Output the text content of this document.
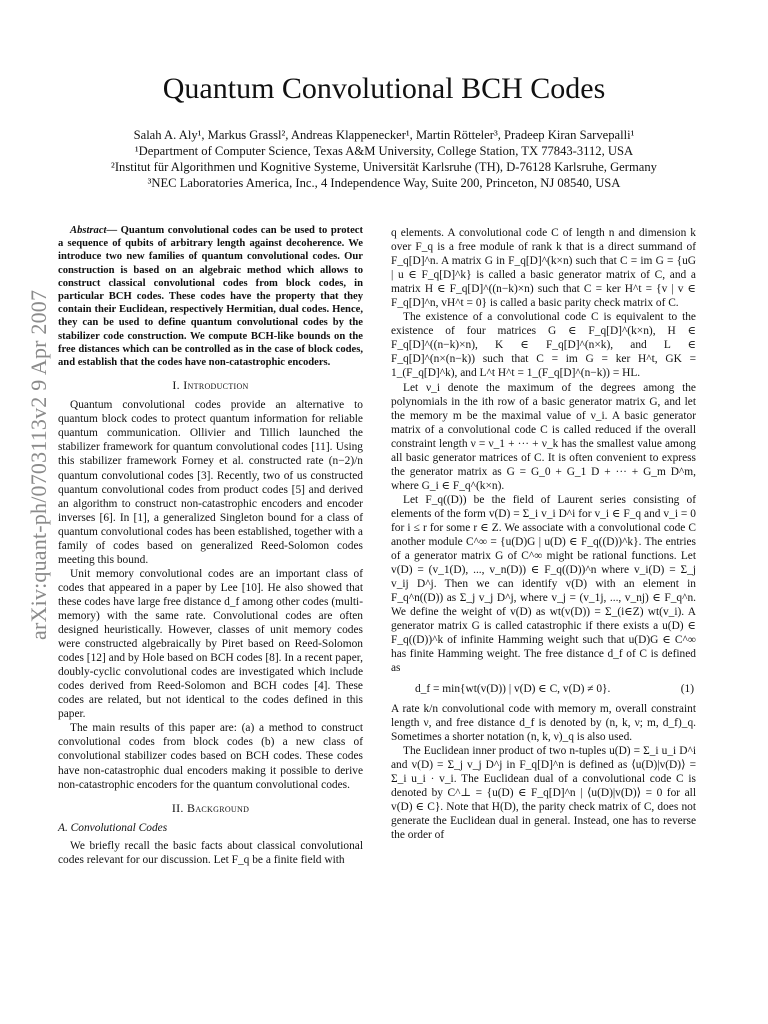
arXiv:quant-ph/0703113v2 9 Apr 2007
Quantum Convolutional BCH Codes
Salah A. Aly¹, Markus Grassl², Andreas Klappenecker¹, Martin Rötteler³, Pradeep Kiran Sarvepalli¹
¹Department of Computer Science, Texas A&M University, College Station, TX 77843-3112, USA
²Institut für Algorithmen und Kognitive Systeme, Universität Karlsruhe (TH), D-76128 Karlsruhe, Germany
³NEC Laboratories America, Inc., 4 Independence Way, Suite 200, Princeton, NJ 08540, USA

Abstract— Quantum convolutional codes can be used to protect a sequence of qubits of arbitrary length against decoherence. We introduce two new families of quantum convolutional codes. Our construction is based on an algebraic method which allows to construct classical convolutional codes from block codes, in particular BCH codes. These codes have the property that they contain their Euclidean, respectively Hermitian, dual codes. Hence, they can be used to define quantum convolutional codes by the stabilizer code construction. We compute BCH-like bounds on the free distances which can be controlled as in the case of block codes, and establish that the codes have non-catastrophic encoders.

I. Introduction

Quantum convolutional codes provide an alternative to quantum block codes to protect quantum information for reliable quantum communication. Ollivier and Tillich launched the stabilizer framework for quantum convolutional codes [11]. Using this stabilizer framework Forney et al. constructed rate (n−2)/n quantum convolutional codes [3]. Recently, two of us constructed quantum convolutional codes from product codes [5] and derived an algorithm to construct non-catastrophic encoders and encoder inverses [6]. In [1], a generalized Singleton bound for a class of quantum convolutional codes has been established, together with a family of codes based on generalized Reed-Solomon codes meeting this bound.

Unit memory convolutional codes are an important class of codes that appeared in a paper by Lee [10]. He also showed that these codes have large free distance d_f among other codes (multi-memory) with the same rate. Convolutional codes are often designed heuristically. However, classes of unit memory codes were constructed algebraically by Piret based on Reed-Solomon codes [12] and by Hole based on BCH codes [8]. In a recent paper, doubly-cyclic convolutional codes are investigated which include codes derived from Reed-Solomon and BCH codes [4]. These codes are related, but not identical to the codes defined in this paper.

The main results of this paper are: (a) a method to construct convolutional codes from block codes (b) a new class of convolutional stabilizer codes based on BCH codes. These codes have non-catastrophic dual encoders making it possible to derive non-catastrophic encoders for the quantum convolutional codes.

II. Background
A. Convolutional Codes

We briefly recall the basic facts about classical convolutional codes relevant for our discussion. Let F_q be a finite field with

q elements. A convolutional code C of length n and dimension k over F_q is a free module of rank k that is a direct summand of F_q[D]^n. A matrix G in F_q[D]^(k×n) such that C = im G = {uG | u ∈ F_q[D]^k} is called a basic generator matrix of C, and a matrix H ∈ F_q[D]^((n−k)×n) such that C = ker H^t = {v | v ∈ F_q[D]^n, vH^t = 0} is called a basic parity check matrix of C.

The existence of a convolutional code C is equivalent to the existence of four matrices G ∈ F_q[D]^(k×n), H ∈ F_q[D]^((n−k)×n), K ∈ F_q[D]^(n×k), and L ∈ F_q[D]^(n×(n−k)) such that C = im G = ker H^t, GK = 1_(F_q[D]^k), and L^t H^t = 1_(F_q[D]^(n−k)) = HL.

Let ν_i denote the maximum of the degrees among the polynomials in the ith row of a basic generator matrix G, and let the memory m be the maximal value of ν_i. A basic generator matrix of a convolutional code C is called reduced if the overall constraint length ν = ν_1 + ··· + ν_k has the smallest value among all basic generator matrices of C. It is often convenient to express the generator matrix as G = G_0 + G_1 D + ··· + G_m D^m, where G_i ∈ F_q^(k×n).

Let F_q((D)) be the field of Laurent series consisting of elements of the form v(D) = Σ_i v_i D^i for v_i ∈ F_q and v_i = 0 for i ≤ r for some r ∈ Z. We associate with a convolutional code C another module C^∞ = {u(D)G | u(D) ∈ F_q((D))^k}. The entries of a generator matrix G of C^∞ might be rational functions. Let v(D) = (v_1(D), ..., v_n(D)) ∈ F_q((D))^n where v_i(D) = Σ_j v_ij D^j. Then we can identify v(D) with an element in F_q^n((D)) as Σ_j v_j D^j, where v_j = (v_1j, ..., v_nj) ∈ F_q^n. We define the weight of v(D) as wt(v(D)) = Σ_(i∈Z) wt(v_i). A generator matrix G is called catastrophic if there exists a u(D) ∈ F_q((D))^k of infinite Hamming weight such that u(D)G ∈ C^∞ has finite Hamming weight. The free distance d_f of C is defined as

d_f = min{wt(v(D)) | v(D) ∈ C, v(D) ≠ 0}.	(1)

A rate k/n convolutional code with memory m, overall constraint length ν, and free distance d_f is denoted by (n, k, ν; m, d_f)_q. Sometimes a shorter notation (n, k, ν)_q is also used.

The Euclidean inner product of two n-tuples u(D) = Σ_i u_i D^i and v(D) = Σ_j v_j D^j in F_q[D]^n is defined as ⟨u(D)|v(D)⟩ = Σ_i u_i · v_i. The Euclidean dual of a convolutional code C is denoted by C^⊥ = {u(D) ∈ F_q[D]^n | ⟨u(D)|v(D)⟩ = 0 for all v(D) ∈ C}. Note that H(D), the parity check matrix of C, does not generate the Euclidean dual in general. Instead, one has to reverse the order of
